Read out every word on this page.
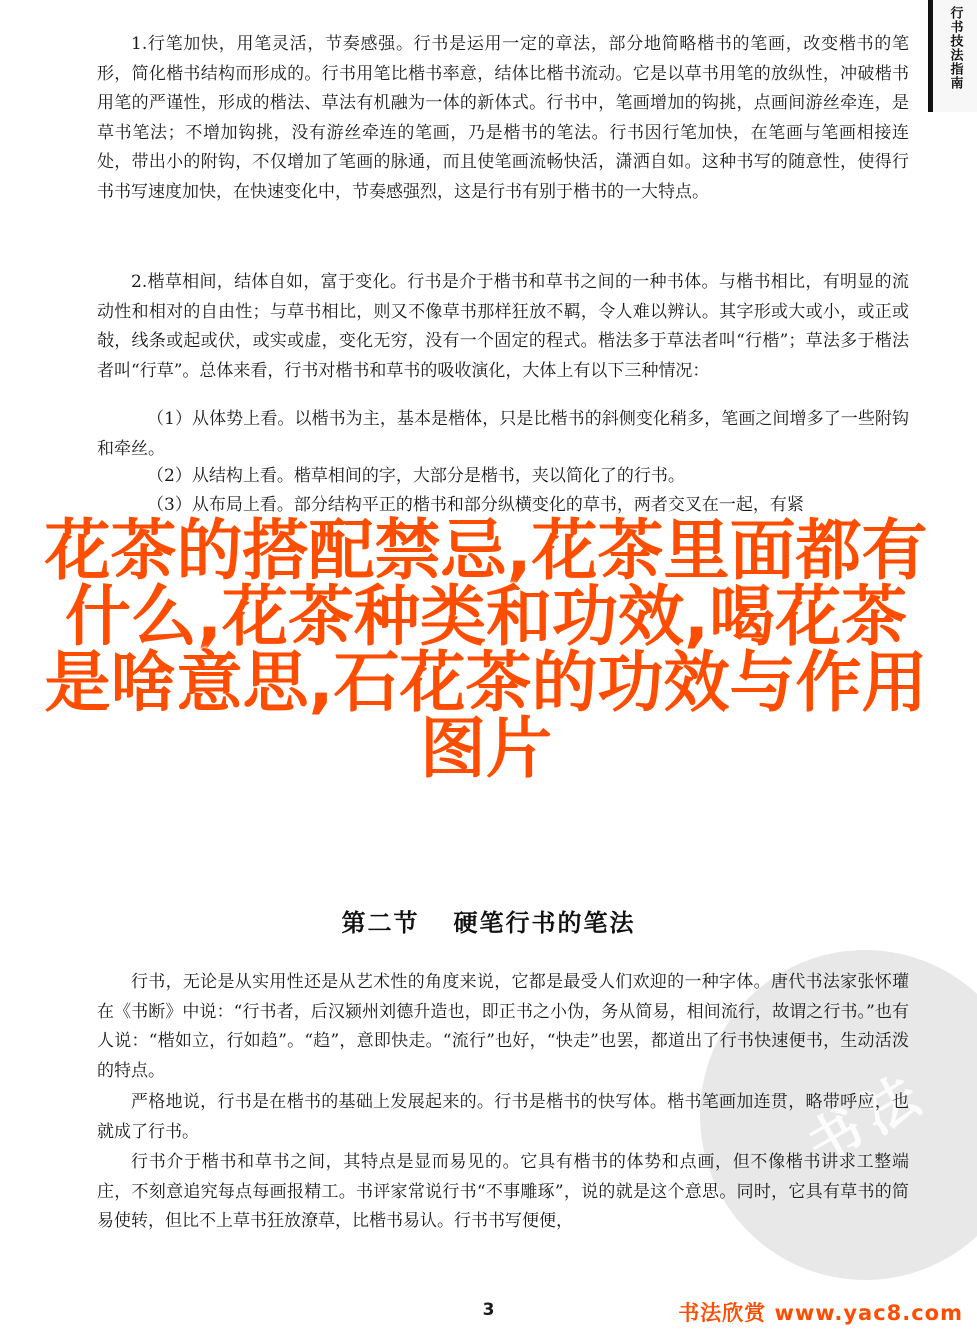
行书技法指南

1.行笔加快，用笔灵活，节奏感强。行书是运用一定的章法，部分地简略楷书的笔画，改变楷书的笔形，简化楷书结构而形成的。行书用笔比楷书率意，结体比楷书流动。它是以草书用笔的放纵性，冲破楷书用笔的严谨性，形成的楷法、草法有机融为一体的新体式。行书中，笔画增加的钩挑，点画间游丝牵连，是草书笔法；不增加钩挑，没有游丝牵连的笔画，乃是楷书的笔法。行书因行笔加快，在笔画与笔画相接连处，带出小的附钩，不仅增加了笔画的脉通，而且使笔画流畅快活，潇洒自如。这种书写的随意性，使得行书书写速度加快，在快速变化中，节奏感强烈，这是行书有别于楷书的一大特点。

2.楷草相间，结体自如，富于变化。行书是介于楷书和草书之间的一种书体。与楷书相比，有明显的流动性和相对的自由性；与草书相比，则又不像草书那样狂放不羁，令人难以辨认。其字形或大或小，或正或敧，线条或起或伏，或实或虚，变化无穷，没有一个固定的程式。楷法多于草法者叫“行楷”；草法多于楷法者叫“行草”。总体来看，行书对楷书和草书的吸收演化，大体上有以下三种情况：

（1）从体势上看。以楷书为主，基本是楷体，只是比楷书的斜侧变化稍多，笔画之间增多了一些附钩和牵丝。

（2）从结构上看。楷草相间的字，大部分是楷书，夹以简化了的行书。

（3）从布局上看。部分结构平正的楷书和部分纵横变化的草书，两者交叉在一起，有紧

第二节 硬笔行书的笔法
书法

行书，无论是从实用性还是从艺术性的角度来说，它都是最受人们欢迎的一种字体。唐代书法家张怀瓘在《书断》中说：“行书者，后汉颍州刘德升造也，即正书之小伪，务从简易，相间流行，故谓之行书。”也有人说：“楷如立，行如趋”。“趋”，意即快走。“流行”也好，“快走”也罢，都道出了行书快速便书，生动活泼的特点。

严格地说，行书是在楷书的基础上发展起来的。行书是楷书的快写体。楷书笔画加连贯，略带呼应，也就成了行书。

行书介于楷书和草书之间，其特点是显而易见的。它具有楷书的体势和点画，但不像楷书讲求工整端庄，不刻意追究每点每画报精工。书评家常说行书“不事雕琢”，说的就是这个意思。同时，它具有草书的简易使转，但比不上草书狂放潦草，比楷书易认。行书书写便便，

花茶的搭配禁忌,花茶里面都有什么,花茶种类和功效,喝花茶是啥意思,石花茶的功效与作用图片
3	书法欣赏 www.yac8.com
